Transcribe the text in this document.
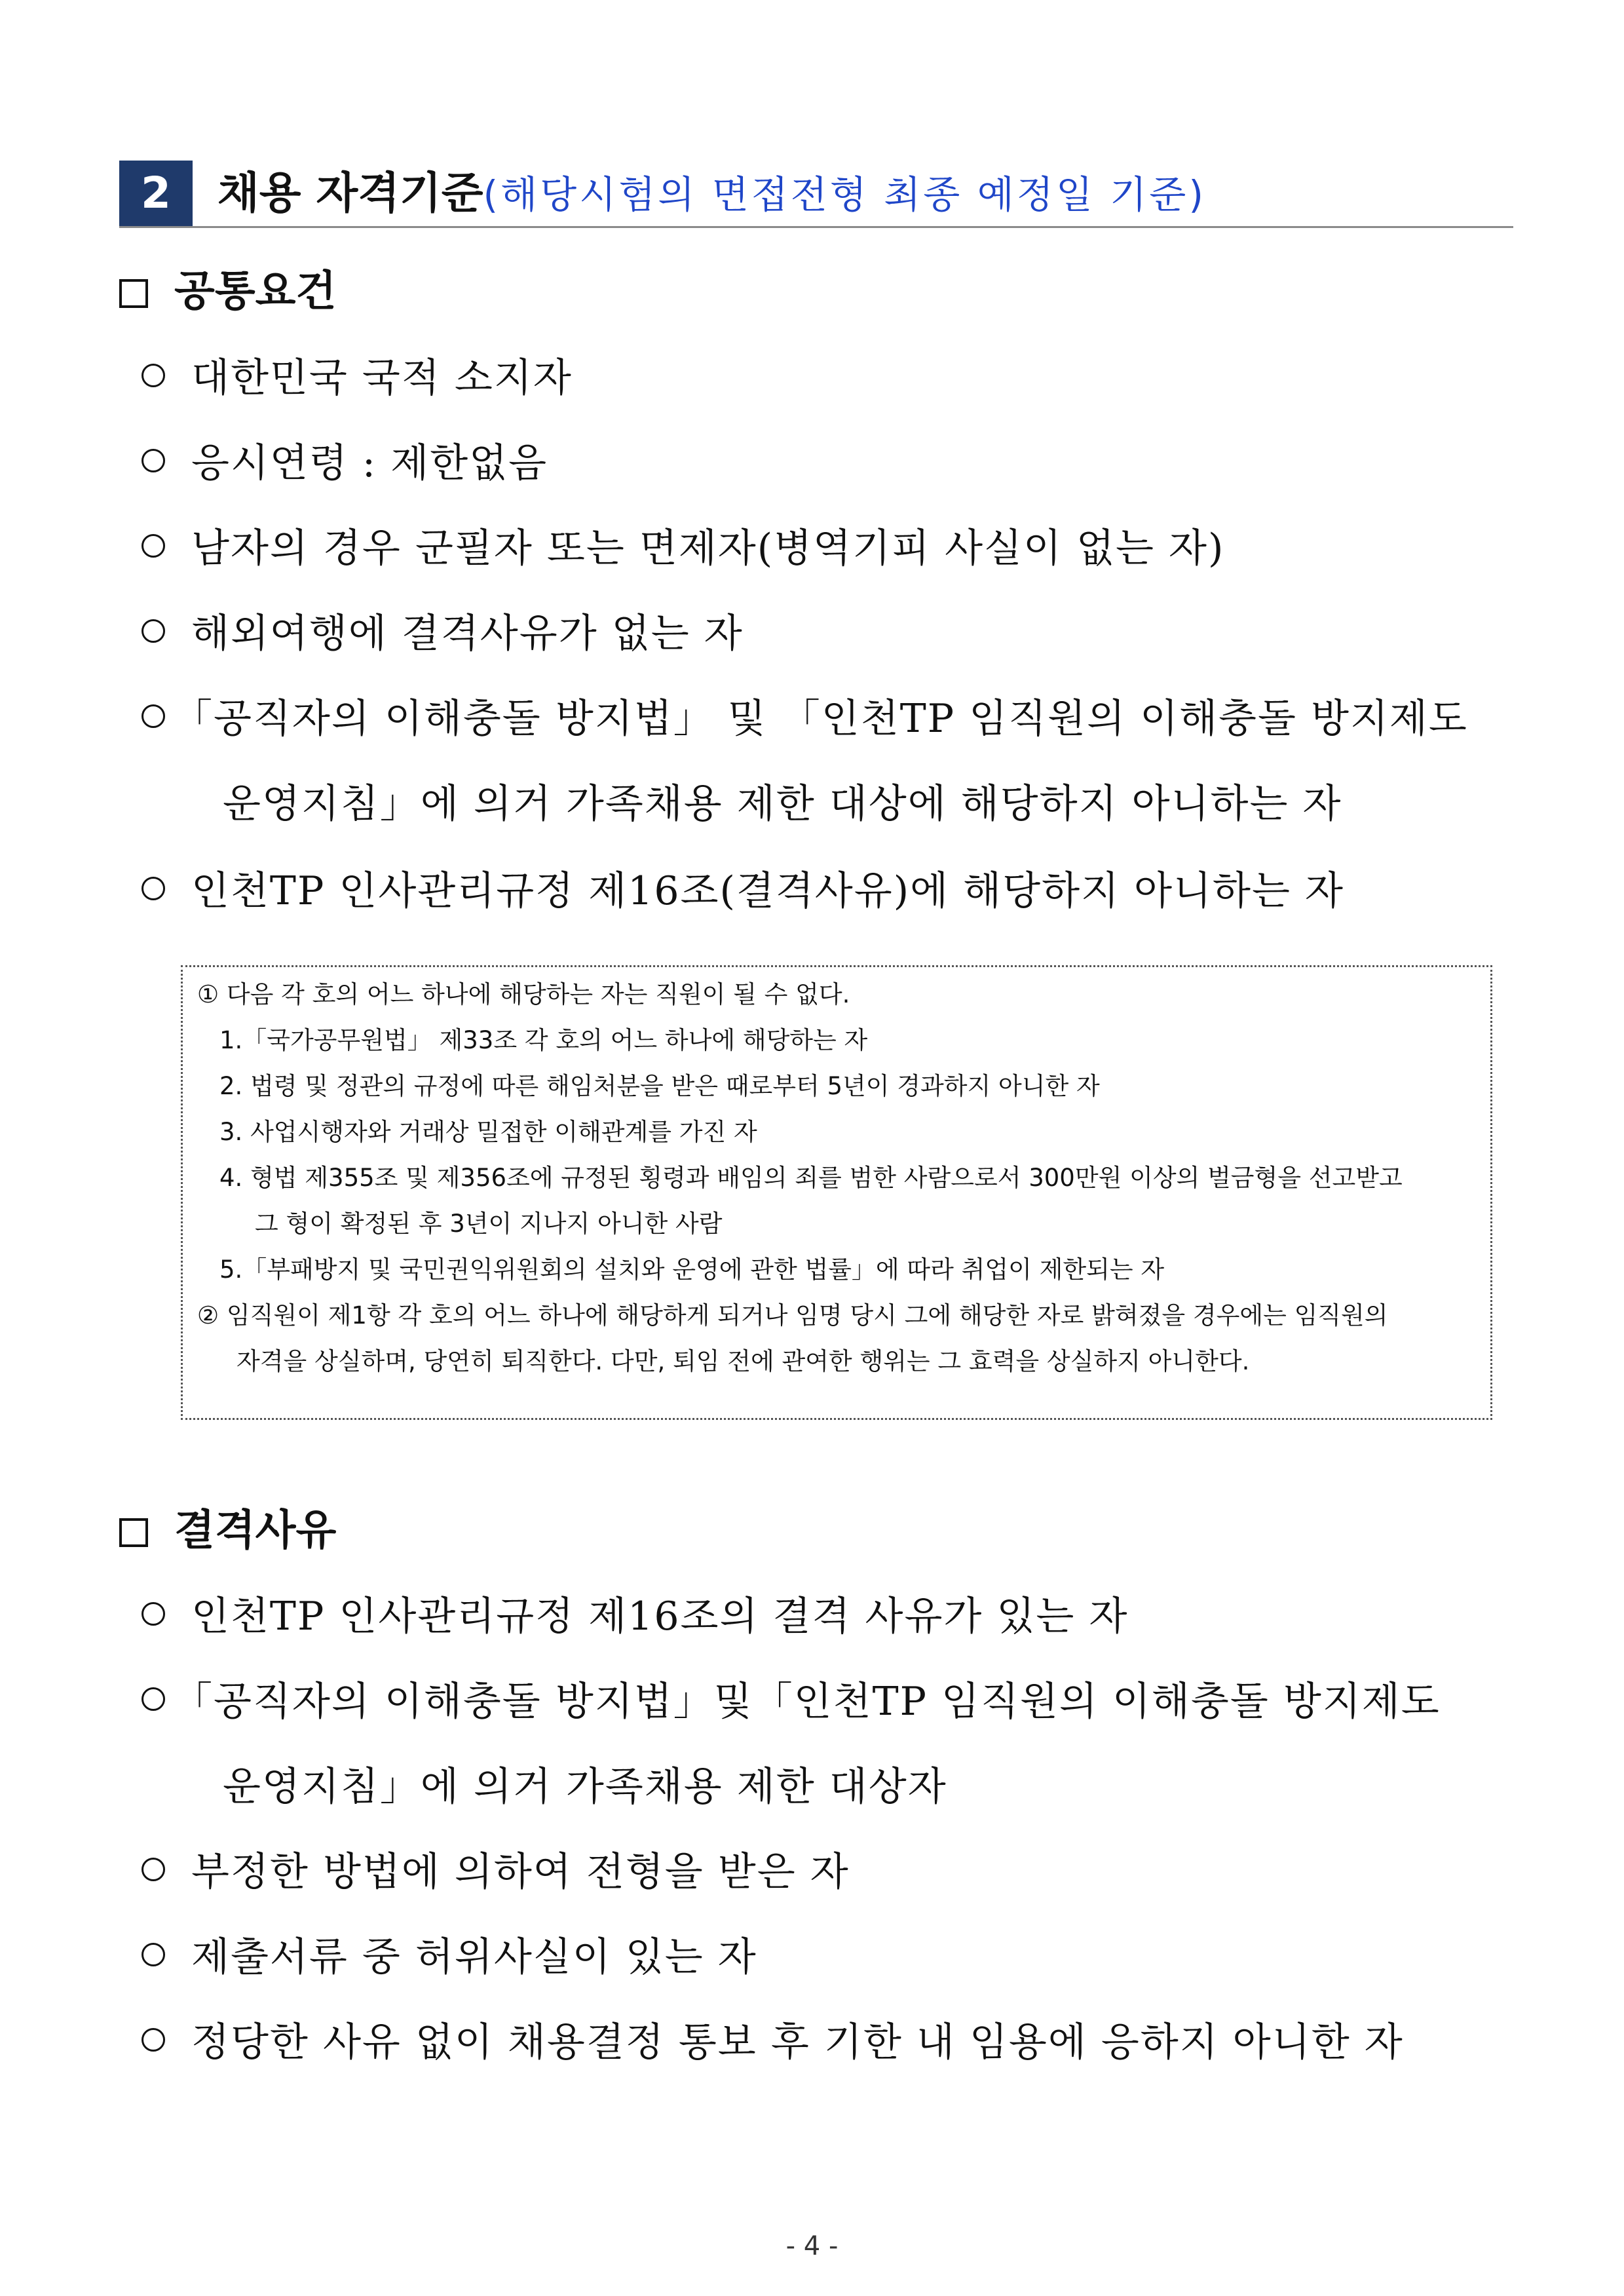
2	채용 자격기준(해당시험의 면접전형 최종 예정일 기준)
공통요건
대한민국 국적 소지자
응시연령 : 제한없음
남자의 경우 군필자 또는 면제자(병역기피 사실이 없는 자)
해외여행에 결격사유가 없는 자
「공직자의 이해충돌 방지법」 및 「인천TP 임직원의 이해충돌 방지제도
운영지침」에 의거 가족채용 제한 대상에 해당하지 아니하는 자
인천TP 인사관리규정 제16조(결격사유)에 해당하지 아니하는 자
① 다음 각 호의 어느 하나에 해당하는 자는 직원이 될 수 없다.
1.「국가공무원법」 제33조 각 호의 어느 하나에 해당하는 자
2. 법령 및 정관의 규정에 따른 해임처분을 받은 때로부터 5년이 경과하지 아니한 자
3. 사업시행자와 거래상 밀접한 이해관계를 가진 자
4. 형법 제355조 및 제356조에 규정된 횡령과 배임의 죄를 범한 사람으로서 300만원 이상의 벌금형을 선고받고
그 형이 확정된 후 3년이 지나지 아니한 사람
5.「부패방지 및 국민권익위원회의 설치와 운영에 관한 법률」에 따라 취업이 제한되는 자
② 임직원이 제1항 각 호의 어느 하나에 해당하게 되거나 임명 당시 그에 해당한 자로 밝혀졌을 경우에는 임직원의
자격을 상실하며, 당연히 퇴직한다. 다만, 퇴임 전에 관여한 행위는 그 효력을 상실하지 아니한다.
결격사유
인천TP 인사관리규정 제16조의 결격 사유가 있는 자
「공직자의 이해충돌 방지법」및「인천TP 임직원의 이해충돌 방지제도
운영지침」에 의거 가족채용 제한 대상자
부정한 방법에 의하여 전형을 받은 자
제출서류 중 허위사실이 있는 자
정당한 사유 없이 채용결정 통보 후 기한 내 임용에 응하지 아니한 자
- 4 -
